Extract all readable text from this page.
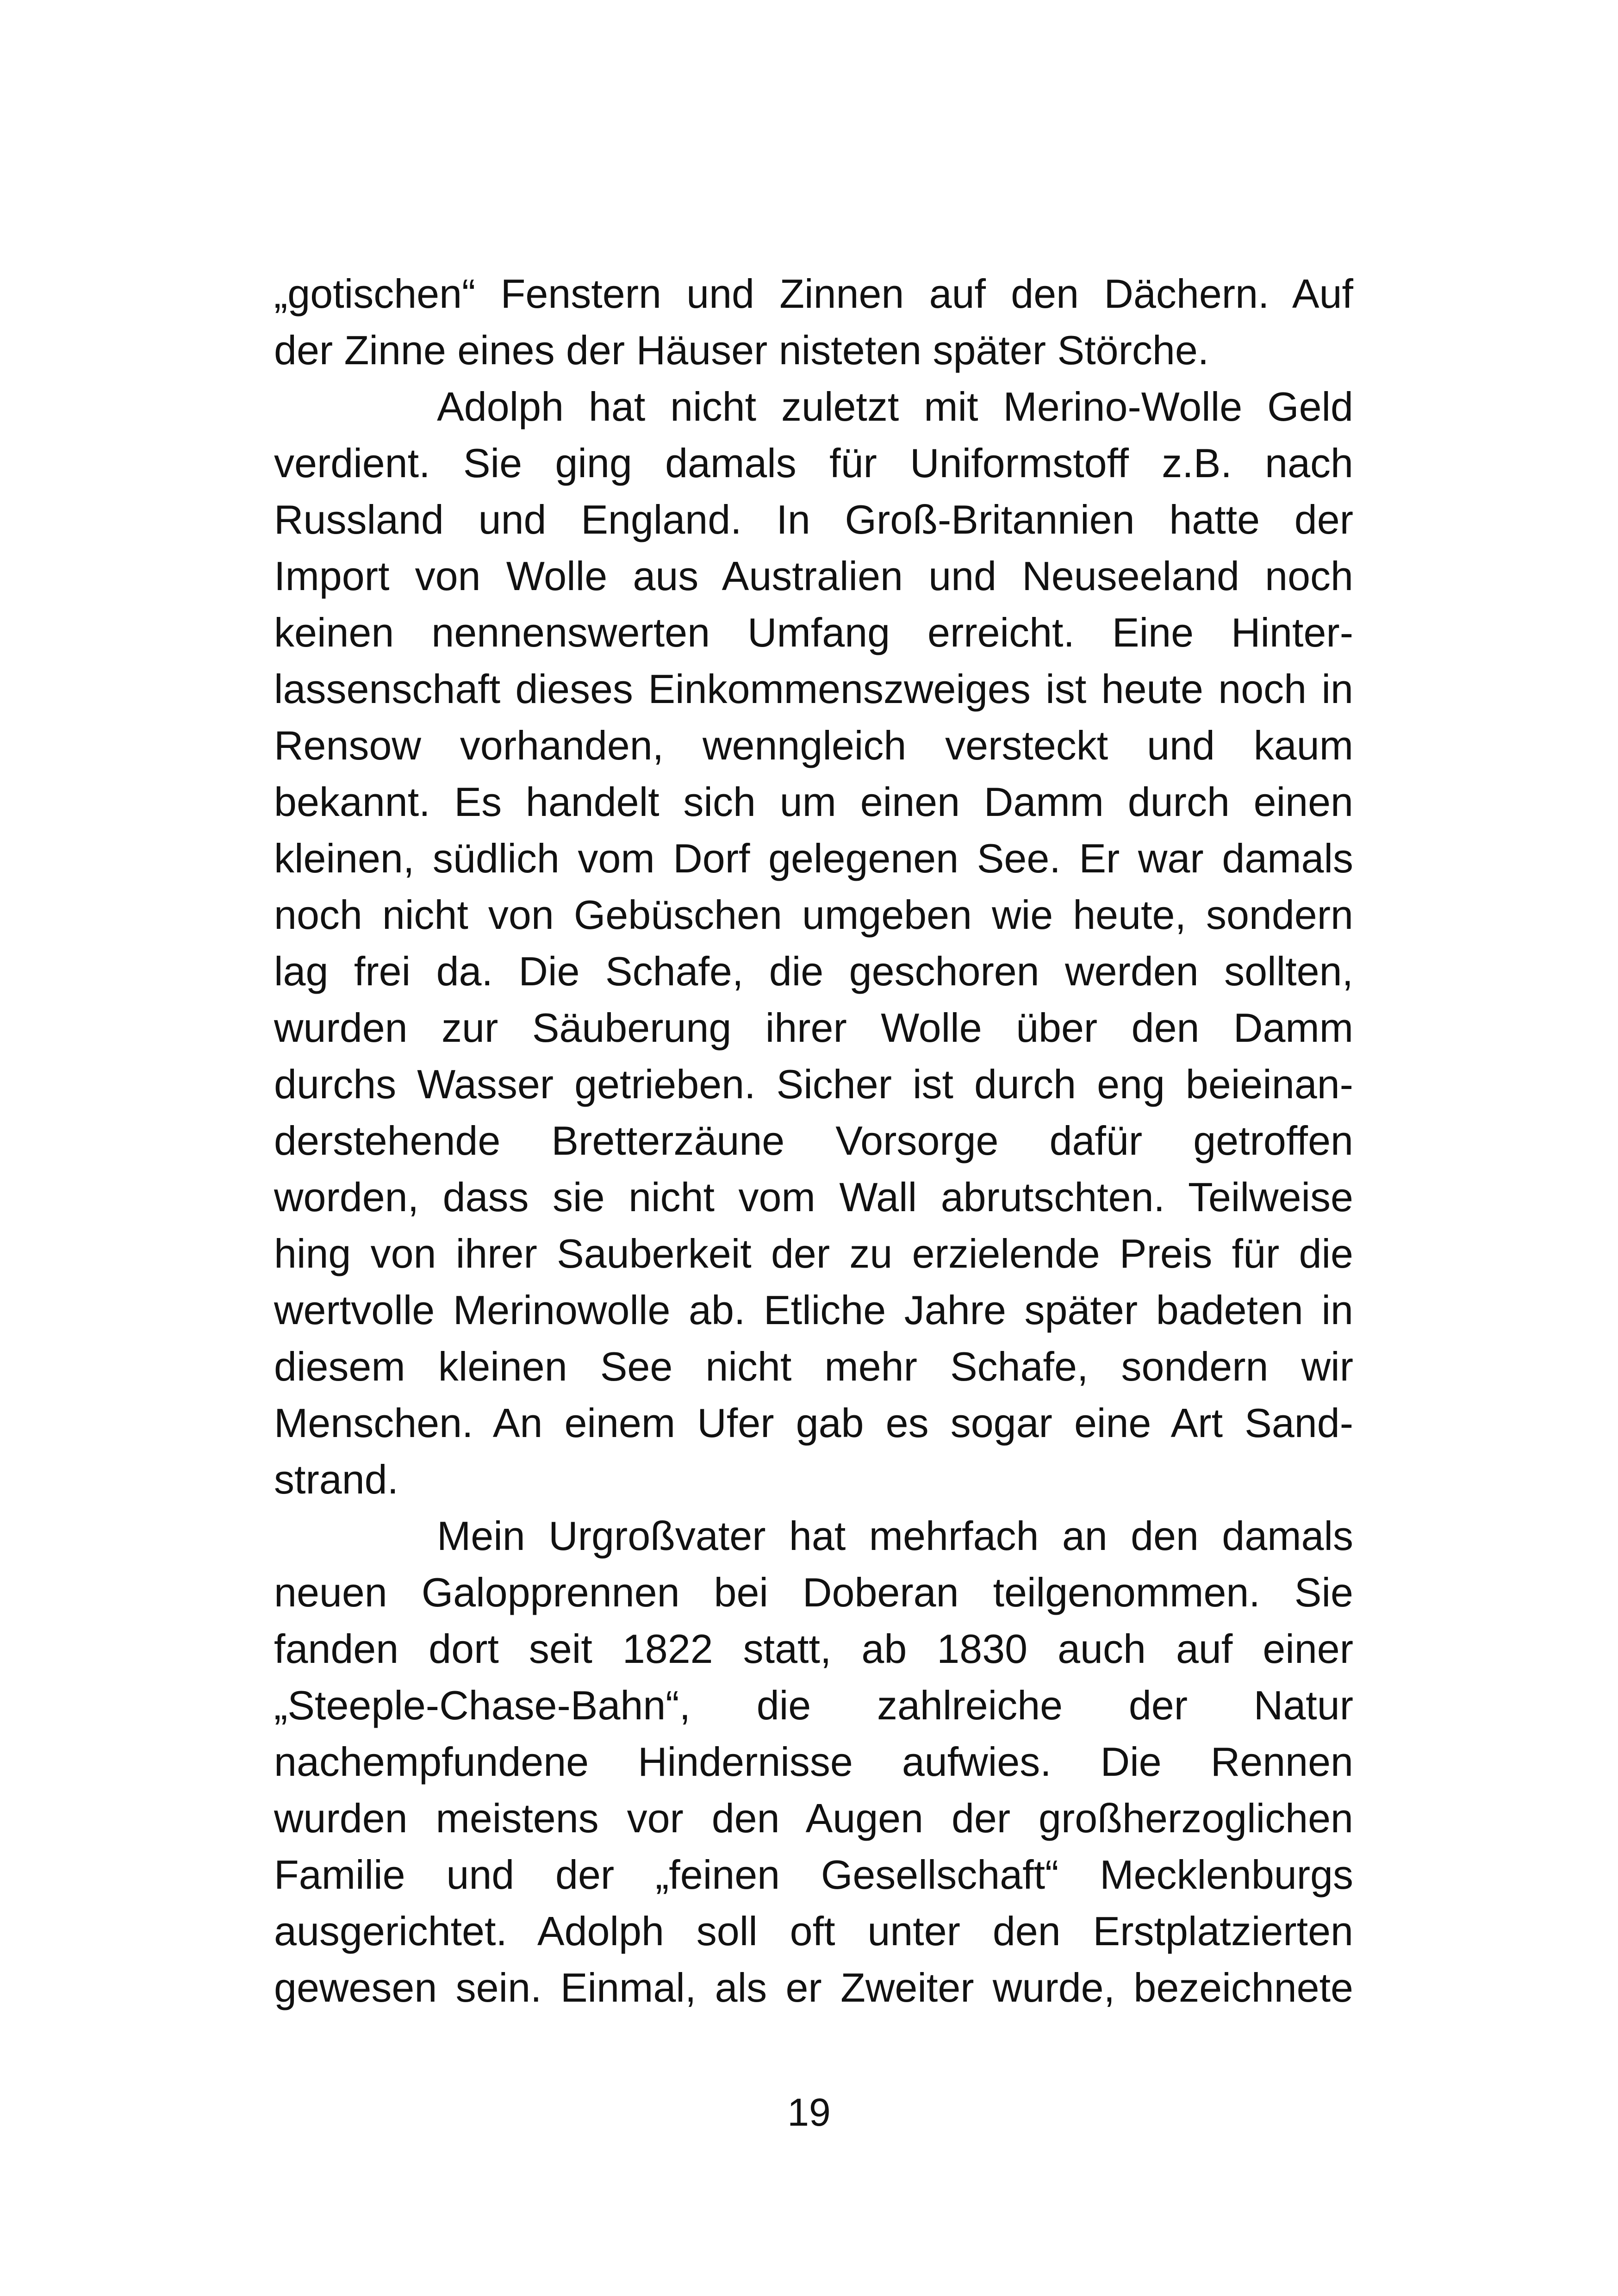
„gotischen“ Fenstern und Zinnen auf den Dächern. Auf
der Zinne eines der Häuser nisteten später Störche.
Adolph hat nicht zuletzt mit Merino-Wolle Geld
verdient. Sie ging damals für Uniformstoff z.B. nach
Russland und England. In Groß-Britannien hatte der
Import von Wolle aus Australien und Neuseeland noch
keinen nennenswerten Umfang erreicht. Eine Hinter-
lassenschaft dieses Einkommenszweiges ist heute noch in
Rensow vorhanden, wenngleich versteckt und kaum
bekannt. Es handelt sich um einen Damm durch einen
kleinen, südlich vom Dorf gelegenen See. Er war damals
noch nicht von Gebüschen umgeben wie heute, sondern
lag frei da. Die Schafe, die geschoren werden sollten,
wurden zur Säuberung ihrer Wolle über den Damm
durchs Wasser getrieben. Sicher ist durch eng beieinan-
derstehende Bretterzäune Vorsorge dafür getroffen
worden, dass sie nicht vom Wall abrutschten. Teilweise
hing von ihrer Sauberkeit der zu erzielende Preis für die
wertvolle Merinowolle ab. Etliche Jahre später badeten in
diesem kleinen See nicht mehr Schafe, sondern wir
Menschen. An einem Ufer gab es sogar eine Art Sand-
strand.
Mein Urgroßvater hat mehrfach an den damals
neuen Galopprennen bei Doberan teilgenommen. Sie
fanden dort seit 1822 statt, ab 1830 auch auf einer
„Steeple-Chase-Bahn“, die zahlreiche der Natur
nachempfundene Hindernisse aufwies. Die Rennen
wurden meistens vor den Augen der großherzoglichen
Familie und der „feinen Gesellschaft“ Mecklenburgs
ausgerichtet. Adolph soll oft unter den Erstplatzierten
gewesen sein. Einmal, als er Zweiter wurde, bezeichnete
19
